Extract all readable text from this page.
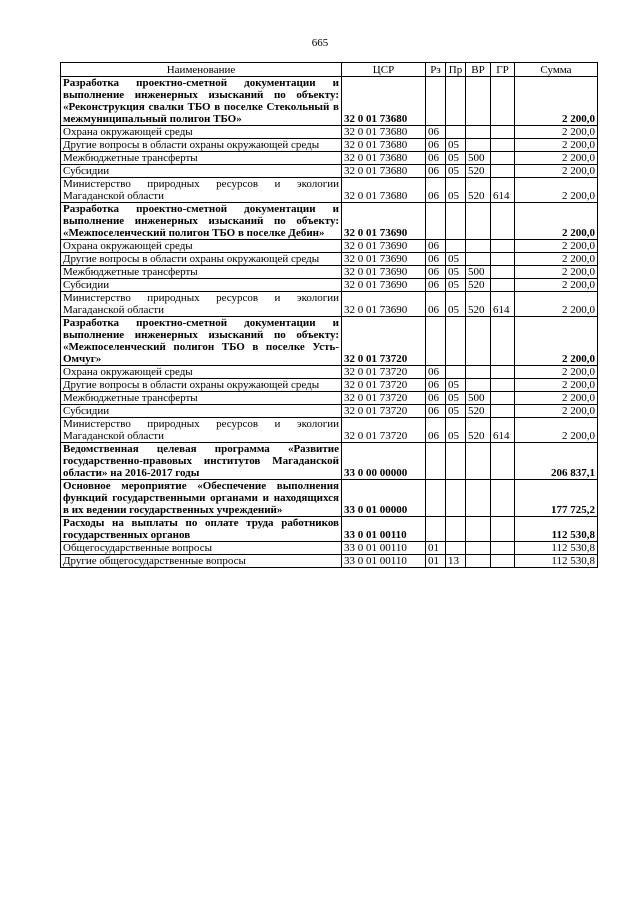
665
Наименование	ЦСР	Рз	Пр	ВР	ГР	Сумма
Разработка проектно-сметной документации и выполнение инженерных изысканий по объекту: «Реконструкция свалки ТБО в поселке Стекольный в межмуниципальный полигон ТБО»	32 0 01 73680					2 200,0
Охрана окружающей среды	32 0 01 73680	06				2 200,0
Другие вопросы в области охраны окружающей среды	32 0 01 73680	06	05			2 200,0
Межбюджетные трансферты	32 0 01 73680	06	05	500		2 200,0
Субсидии	32 0 01 73680	06	05	520		2 200,0
Министерство природных ресурсов и экологии Магаданской области	32 0 01 73680	06	05	520	614	2 200,0
Разработка проектно-сметной документации и выполнение инженерных изысканий по объекту: «Межпоселенческий полигон ТБО в поселке Дебин»	32 0 01 73690					2 200,0
Охрана окружающей среды	32 0 01 73690	06				2 200,0
Другие вопросы в области охраны окружающей среды	32 0 01 73690	06	05			2 200,0
Межбюджетные трансферты	32 0 01 73690	06	05	500		2 200,0
Субсидии	32 0 01 73690	06	05	520		2 200,0
Министерство природных ресурсов и экологии Магаданской области	32 0 01 73690	06	05	520	614	2 200,0
Разработка проектно-сметной документации и выполнение инженерных изысканий по объекту: «Межпоселенческий полигон ТБО в поселке Усть-Омчуг»	32 0 01 73720					2 200,0
Охрана окружающей среды	32 0 01 73720	06				2 200,0
Другие вопросы в области охраны окружающей среды	32 0 01 73720	06	05			2 200,0
Межбюджетные трансферты	32 0 01 73720	06	05	500		2 200,0
Субсидии	32 0 01 73720	06	05	520		2 200,0
Министерство природных ресурсов и экологии Магаданской области	32 0 01 73720	06	05	520	614	2 200,0
Ведомственная целевая программа «Развитие государственно-правовых институтов Магаданской области» на 2016-2017 годы	33 0 00 00000					206 837,1
Основное мероприятие «Обеспечение выполнения функций государственными органами и находящихся в их ведении государственных учреждений»	33 0 01 00000					177 725,2
Расходы на выплаты по оплате труда работников государственных органов	33 0 01 00110					112 530,8
Общегосударственные вопросы	33 0 01 00110	01				112 530,8
Другие общегосударственные вопросы	33 0 01 00110	01	13			112 530,8
